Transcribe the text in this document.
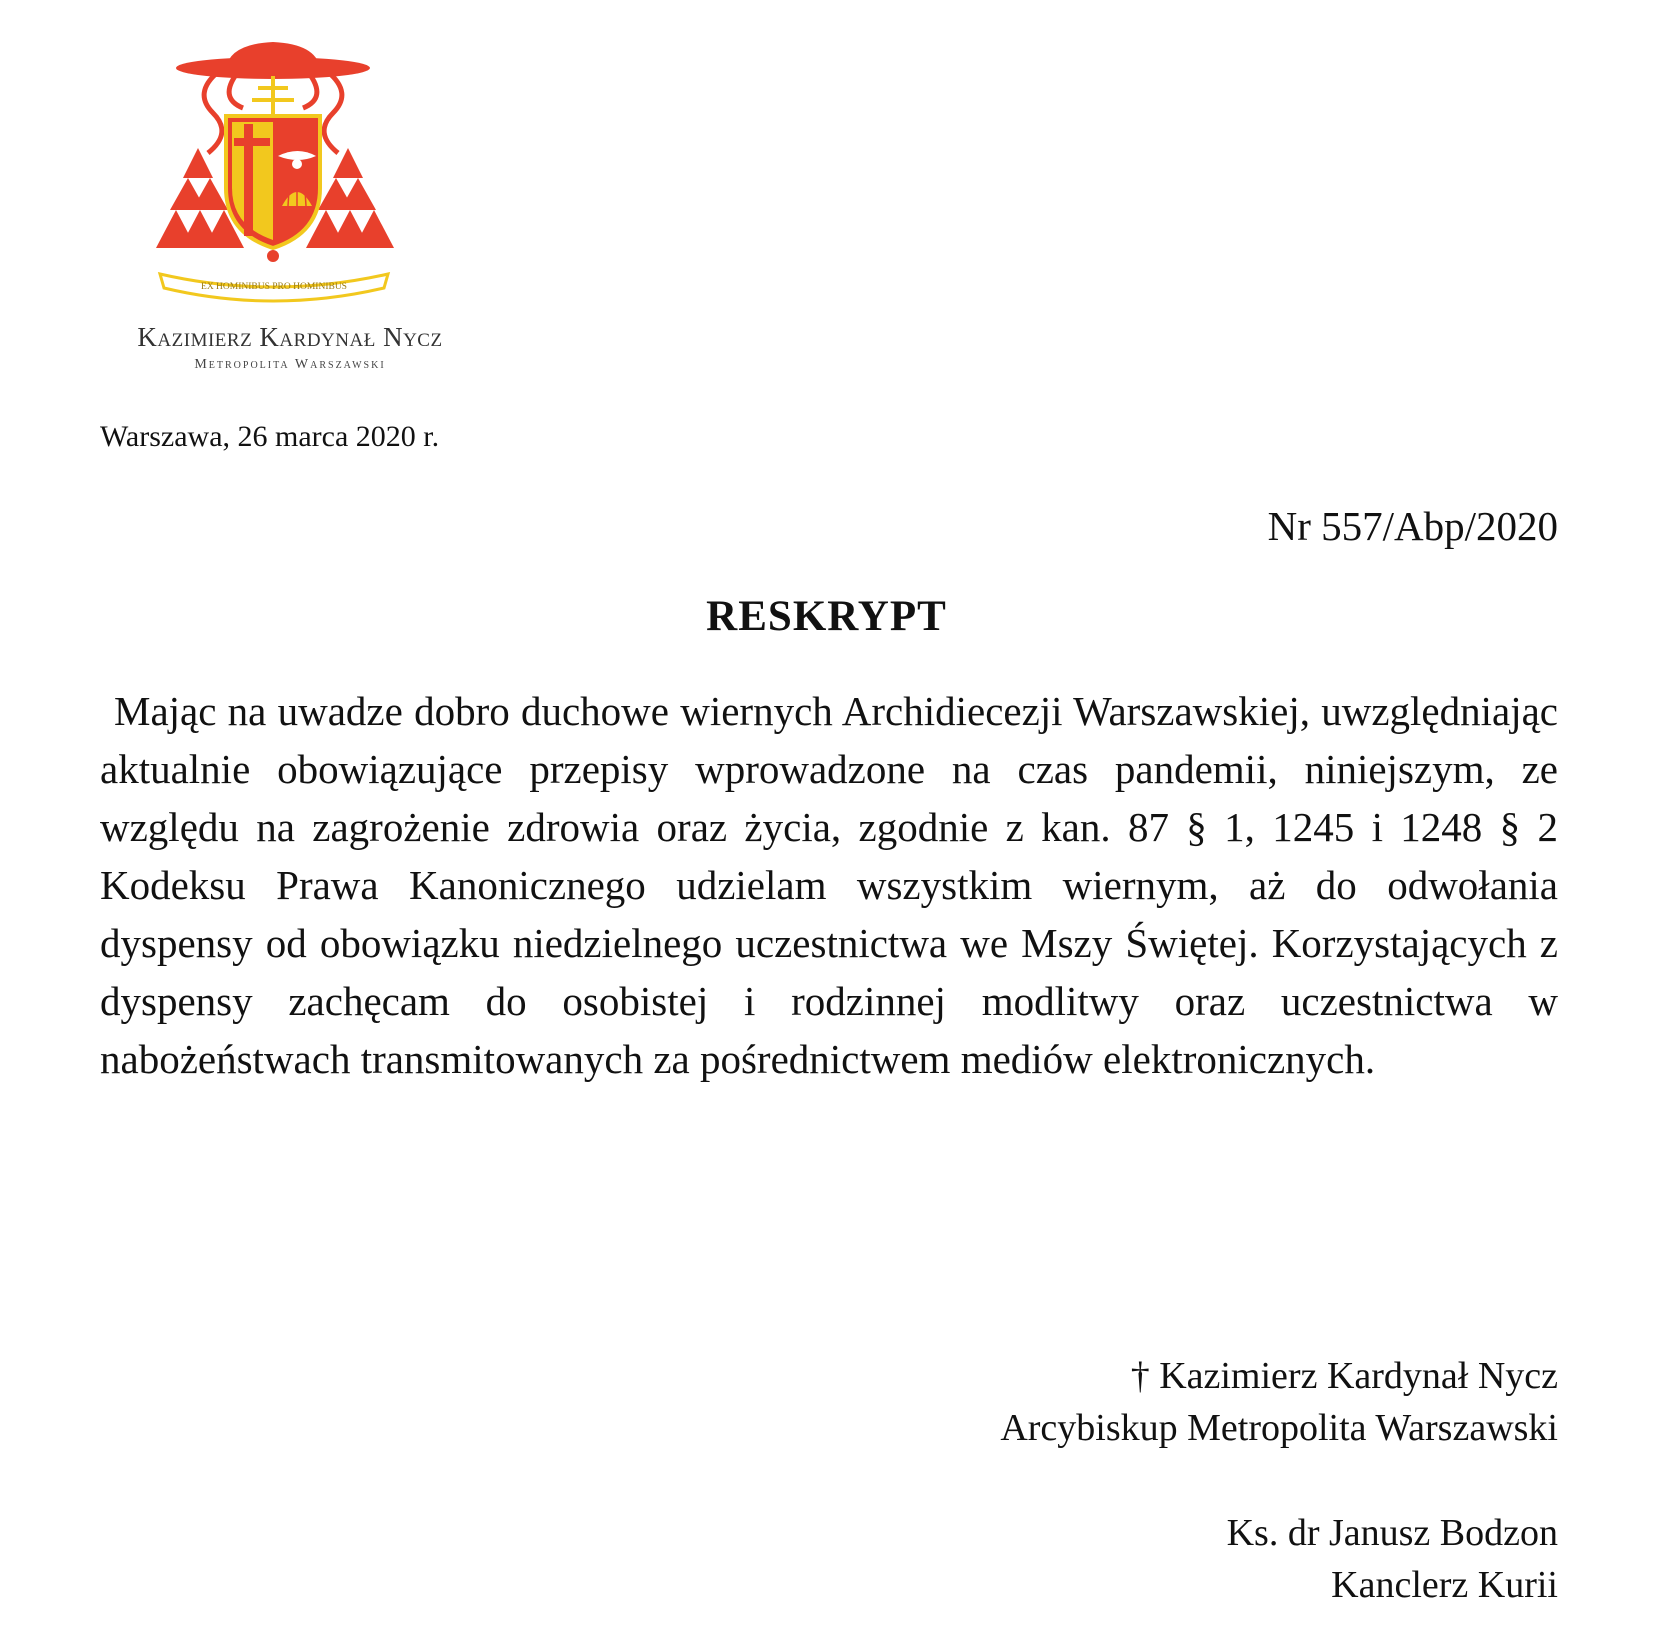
EX HOMINIBUS PRO HOMINIBUS
Kazimierz Kardynał Nycz
Metropolita Warszawski
Warszawa, 26 marca 2020 r.
Nr 557/Abp/2020
RESKRYPT

Mając na uwadze dobro duchowe wiernych Archidiecezji Warszawskiej, uwzględniając aktualnie obowiązujące przepisy wprowadzone na czas pandemii, niniejszym, ze względu na zagrożenie zdrowia oraz życia, zgodnie z kan. 87 § 1, 1245 i 1248 § 2 Kodeksu Prawa Kanonicznego udzielam wszystkim wiernym, aż do odwołania dyspensy od obowiązku niedzielnego uczestnictwa we Mszy Świętej. Korzystających z dyspensy zachęcam do osobistej i rodzinnej modlitwy oraz uczestnictwa w nabożeństwach transmitowanych za pośrednictwem mediów elektronicznych.

† Kazimierz Kardynał Nycz
Arcybiskup Metropolita Warszawski
Ks. dr Janusz Bodzon
Kanclerz Kurii
